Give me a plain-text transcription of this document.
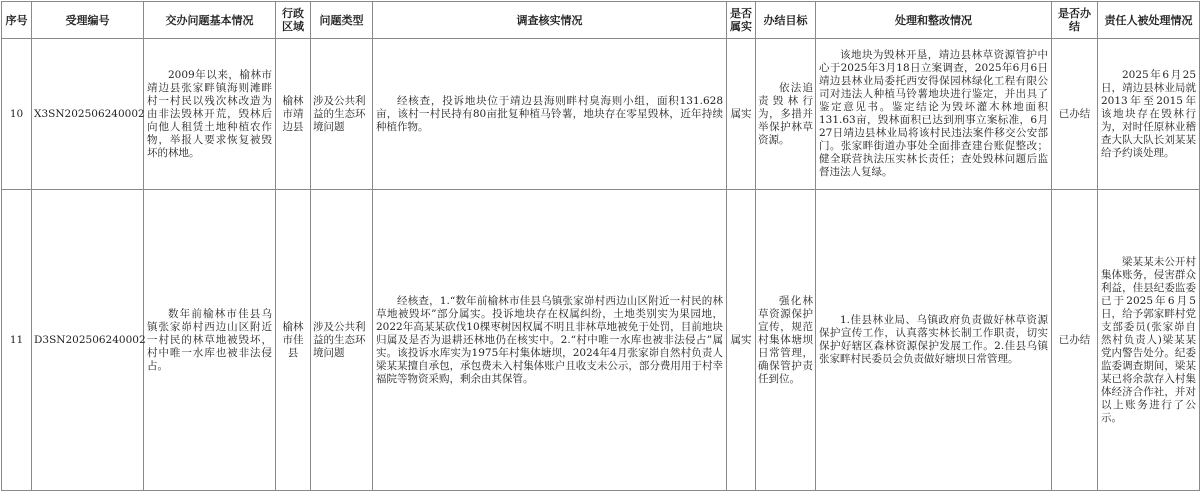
序号	受理编号	交办问题基本情况	行政区域	问题类型	调查核实情况	是否属实	办结目标	处理和整改情况	是否办结	责任人被处理情况
10	X3SN202506240002	2009年以来，榆林市靖边县张家畔镇海则滩畔村一村民以残次林改造为由非法毁林开荒，毁林后向他人租赁土地种植农作物，举报人要求恢复被毁坏的林地。	榆林市靖边县	涉及公共利益的生态环境问题	经核查，投诉地块位于靖边县海则畔村臭海则小组，面积131.628亩，该村一村民持有80亩批复种植马铃薯，地块存在零星毁林，近年持续种植作物。	属实	依法追责毁林行为，多措并举保护林草资源。	该地块为毁林开垦，靖边县林草资源管护中心于2025年3月18日立案调查，2025年6月6日靖边县林业局委托西安得保园林绿化工程有限公司对违法人种植马铃薯地块进行鉴定，并出具了鉴定意见书。鉴定结论为毁坏灌木林地面积131.63亩，毁林面积已达到刑事立案标准，6月27日靖边县林业局将该村民违法案件移交公安部门。张家畔街道办事处全面排查建台账促整改；健全联营执法压实林长责任；查处毁林问题后监督违法人复绿。	已办结	2025年6月25日，靖边县林业局就2013年至2015年该地块存在毁林行为，对时任原林业稽查大队大队长刘某某给予约谈处理。
11	D3SN202506240002	数年前榆林市佳县乌镇张家峁村西边山区附近一村民的林草地被毁坏，村中唯一水库也被非法侵占。	榆林市佳县	涉及公共利益的生态环境问题	经核查，1.“数年前榆林市佳县乌镇张家峁村西边山区附近一村民的林草地被毁坏”部分属实。投诉地块存在权属纠纷，土地类别实为果园地，2022年高某某砍伐10棵枣树因权属不明且非林草地被免于处罚，目前地块归属及是否为退耕还林地仍在核实中。2.“村中唯一水库也被非法侵占”属实。该投诉水库实为1975年村集体塘坝，2024年4月张家峁自然村负责人梁某某擅自承包，承包费未入村集体账户且收支未公示，部分费用用于村幸福院等物资采购，剩余由其保管。	属实	强化林草资源保护宣传，规范村集体塘坝日常管理，确保管护责任到位。	1.佳县林业局、乌镇政府负责做好林草资源保护宣传工作，认真落实林长制工作职责，切实保护好辖区森林资源保护发展工作。2.佳县乌镇张家畔村民委员会负责做好塘坝日常管理。	已办结	梁某某未公开村集体账务，侵害群众利益，佳县纪委监委已于2025年6月5日，给予郭家畔村党支部委员(张家峁自然村负责人)梁某某党内警告处分。纪委监委调查期间，梁某某已将余款存入村集体经济合作社，并对以上账务进行了公示。
